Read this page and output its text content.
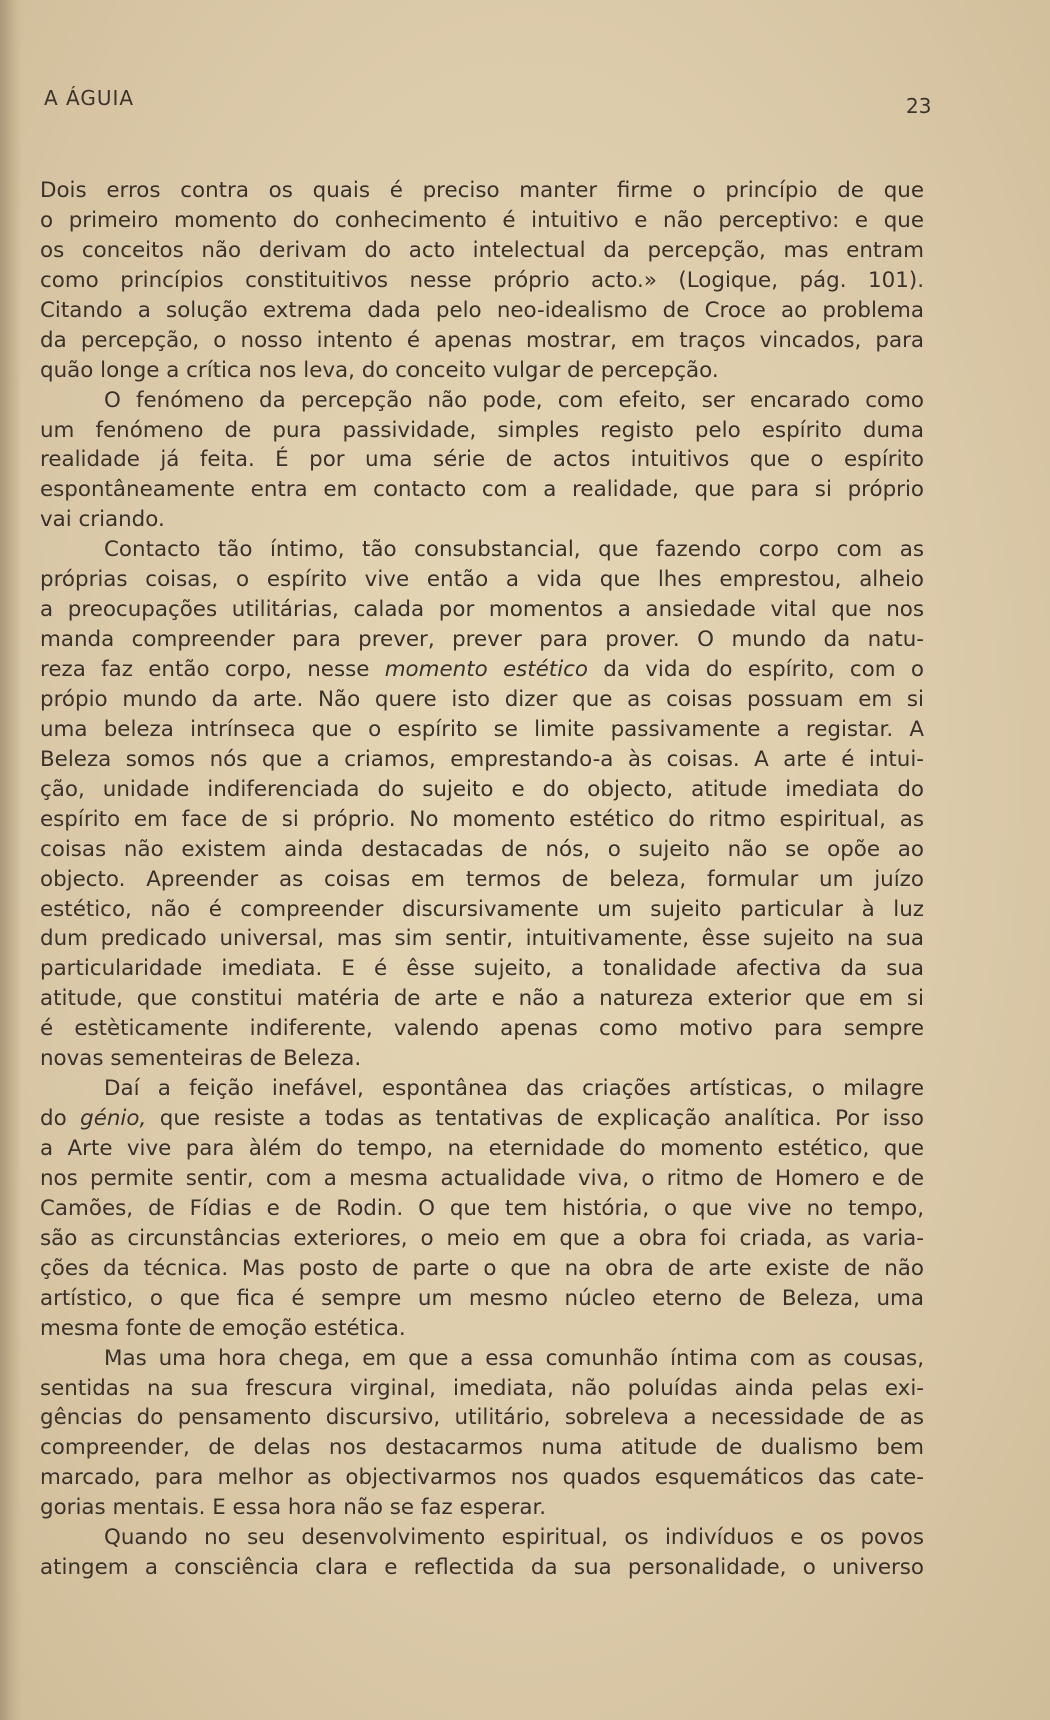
A ÁGUIA	23
Dois erros contra os quais é preciso manter firme o princípio de que
o primeiro momento do conhecimento é intuitivo e não perceptivo: e que
os conceitos não derivam do acto intelectual da percepção, mas entram
como princípios constituitivos nesse próprio acto.» (Logique, pág. 101).
Citando a solução extrema dada pelo neo-idealismo de Croce ao problema
da percepção, o nosso intento é apenas mostrar, em traços vincados, para
quão longe a crítica nos leva, do conceito vulgar de percepção.
O fenómeno da percepção não pode, com efeito, ser encarado como
um fenómeno de pura passividade, simples registo pelo espírito duma
realidade já feita. É por uma série de actos intuitivos que o espírito
espontâneamente entra em contacto com a realidade, que para si próprio
vai criando.
Contacto tão íntimo, tão consubstancial, que fazendo corpo com as
próprias coisas, o espírito vive então a vida que lhes emprestou, alheio
a preocupações utilitárias, calada por momentos a ansiedade vital que nos
manda compreender para prever, prever para prover. O mundo da natu-
reza faz então corpo, nesse momento estético da vida do espírito, com o
própio mundo da arte. Não quere isto dizer que as coisas possuam em si
uma beleza intrínseca que o espírito se limite passivamente a registar. A
Beleza somos nós que a criamos, emprestando-a às coisas. A arte é intui-
ção, unidade indiferenciada do sujeito e do objecto, atitude imediata do
espírito em face de si próprio. No momento estético do ritmo espiritual, as
coisas não existem ainda destacadas de nós, o sujeito não se opõe ao
objecto. Apreender as coisas em termos de beleza, formular um juízo
estético, não é compreender discursivamente um sujeito particular à luz
dum predicado universal, mas sim sentir, intuitivamente, êsse sujeito na sua
particularidade imediata. E é êsse sujeito, a tonalidade afectiva da sua
atitude, que constitui matéria de arte e não a natureza exterior que em si
é estèticamente indiferente, valendo apenas como motivo para sempre
novas sementeiras de Beleza.
Daí a feição inefável, espontânea das criações artísticas, o milagre
do génio, que resiste a todas as tentativas de explicação analítica. Por isso
a Arte vive para àlém do tempo, na eternidade do momento estético, que
nos permite sentir, com a mesma actualidade viva, o ritmo de Homero e de
Camões, de Fídias e de Rodin. O que tem história, o que vive no tempo,
são as circunstâncias exteriores, o meio em que a obra foi criada, as varia-
ções da técnica. Mas posto de parte o que na obra de arte existe de não
artístico, o que fica é sempre um mesmo núcleo eterno de Beleza, uma
mesma fonte de emoção estética.
Mas uma hora chega, em que a essa comunhão íntima com as cousas,
sentidas na sua frescura virginal, imediata, não poluídas ainda pelas exi-
gências do pensamento discursivo, utilitário, sobreleva a necessidade de as
compreender, de delas nos destacarmos numa atitude de dualismo bem
marcado, para melhor as objectivarmos nos quados esquemáticos das cate-
gorias mentais. E essa hora não se faz esperar.
Quando no seu desenvolvimento espiritual, os indivíduos e os povos
atingem a consciência clara e reflectida da sua personalidade, o universo
